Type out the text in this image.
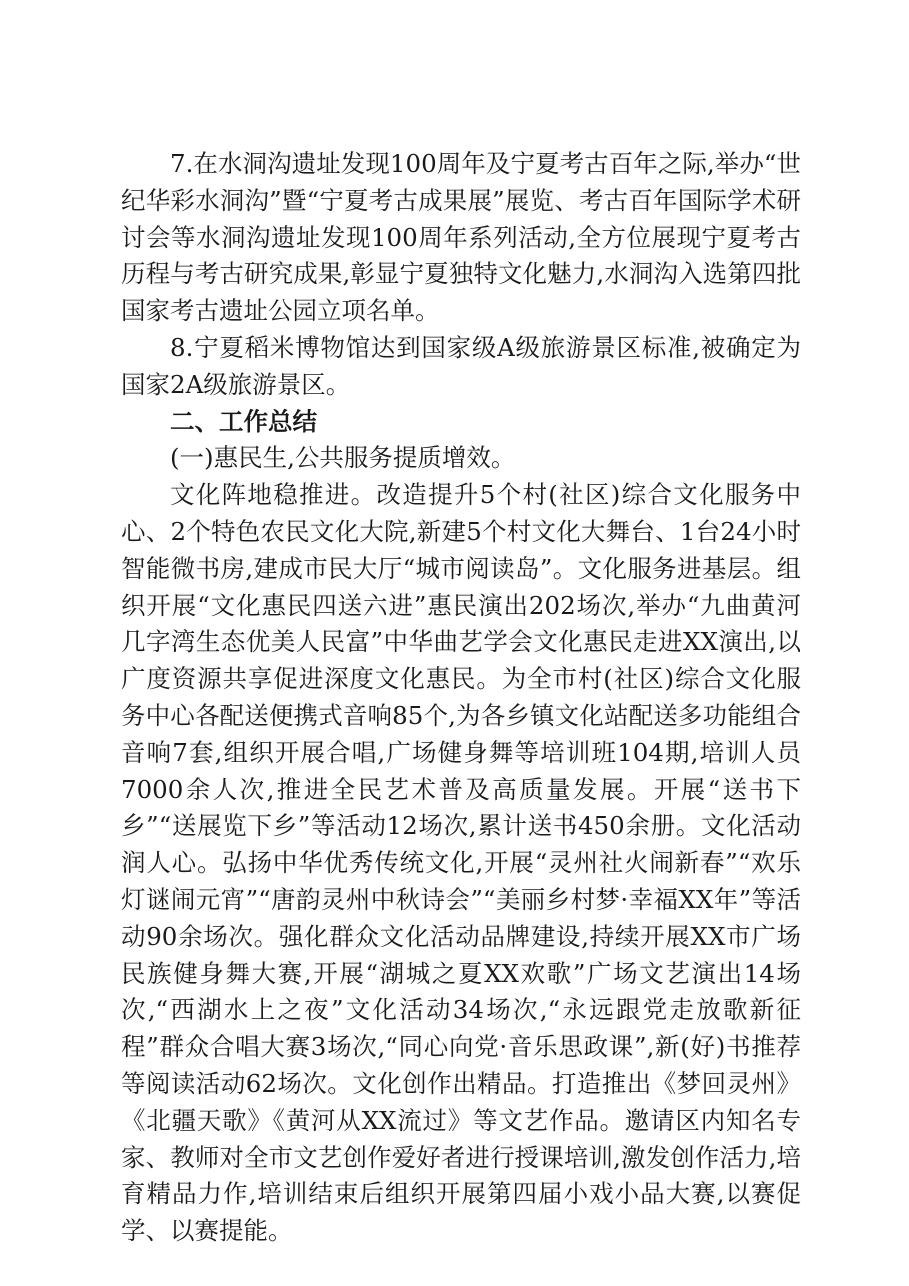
7.在水洞沟遗址发现100周年及宁夏考古百年之际,举办“世纪华彩水洞沟”暨“宁夏考古成果展”展览、考古百年国际学术研讨会等水洞沟遗址发现100周年系列活动,全方位展现宁夏考古历程与考古研究成果,彰显宁夏独特文化魅力,水洞沟入选第四批国家考古遗址公园立项名单。

8.宁夏稻米博物馆达到国家级A级旅游景区标准,被确定为国家2A级旅游景区。

二、工作总结

(一)惠民生,公共服务提质增效。

文化阵地稳推进。改造提升5个村(社区)综合文化服务中心、2个特色农民文化大院,新建5个村文化大舞台、1台24小时智能微书房,建成市民大厅“城市阅读岛”。文化服务进基层。组织开展“文化惠民四送六进”惠民演出202场次,举办“九曲黄河几字湾生态优美人民富”中华曲艺学会文化惠民走进XX演出,以广度资源共享促进深度文化惠民。为全市村(社区)综合文化服务中心各配送便携式音响85个,为各乡镇文化站配送多功能组合音响7套,组织开展合唱,广场健身舞等培训班104期,培训人员7000余人次,推进全民艺术普及高质量发展。开展“送书下乡”“送展览下乡”等活动12场次,累计送书450余册。文化活动润人心。弘扬中华优秀传统文化,开展“灵州社火闹新春”“欢乐灯谜闹元宵”“唐韵灵州中秋诗会”“美丽乡村梦·幸福XX年”等活动90余场次。强化群众文化活动品牌建设,持续开展XX市广场民族健身舞大赛,开展“湖城之夏XX欢歌”广场文艺演出14场次,“西湖水上之夜”文化活动34场次,“永远跟党走放歌新征程”群众合唱大赛3场次,“同心向党·音乐思政课”,新(好)书推荐等阅读活动62场次。文化创作出精品。打造推出《梦回灵州》《北疆天歌》《黄河从XX流过》等文艺作品。邀请区内知名专家、教师对全市文艺创作爱好者进行授课培训,激发创作活力,培育精品力作,培训结束后组织开展第四届小戏小品大赛,以赛促学、以赛提能。
